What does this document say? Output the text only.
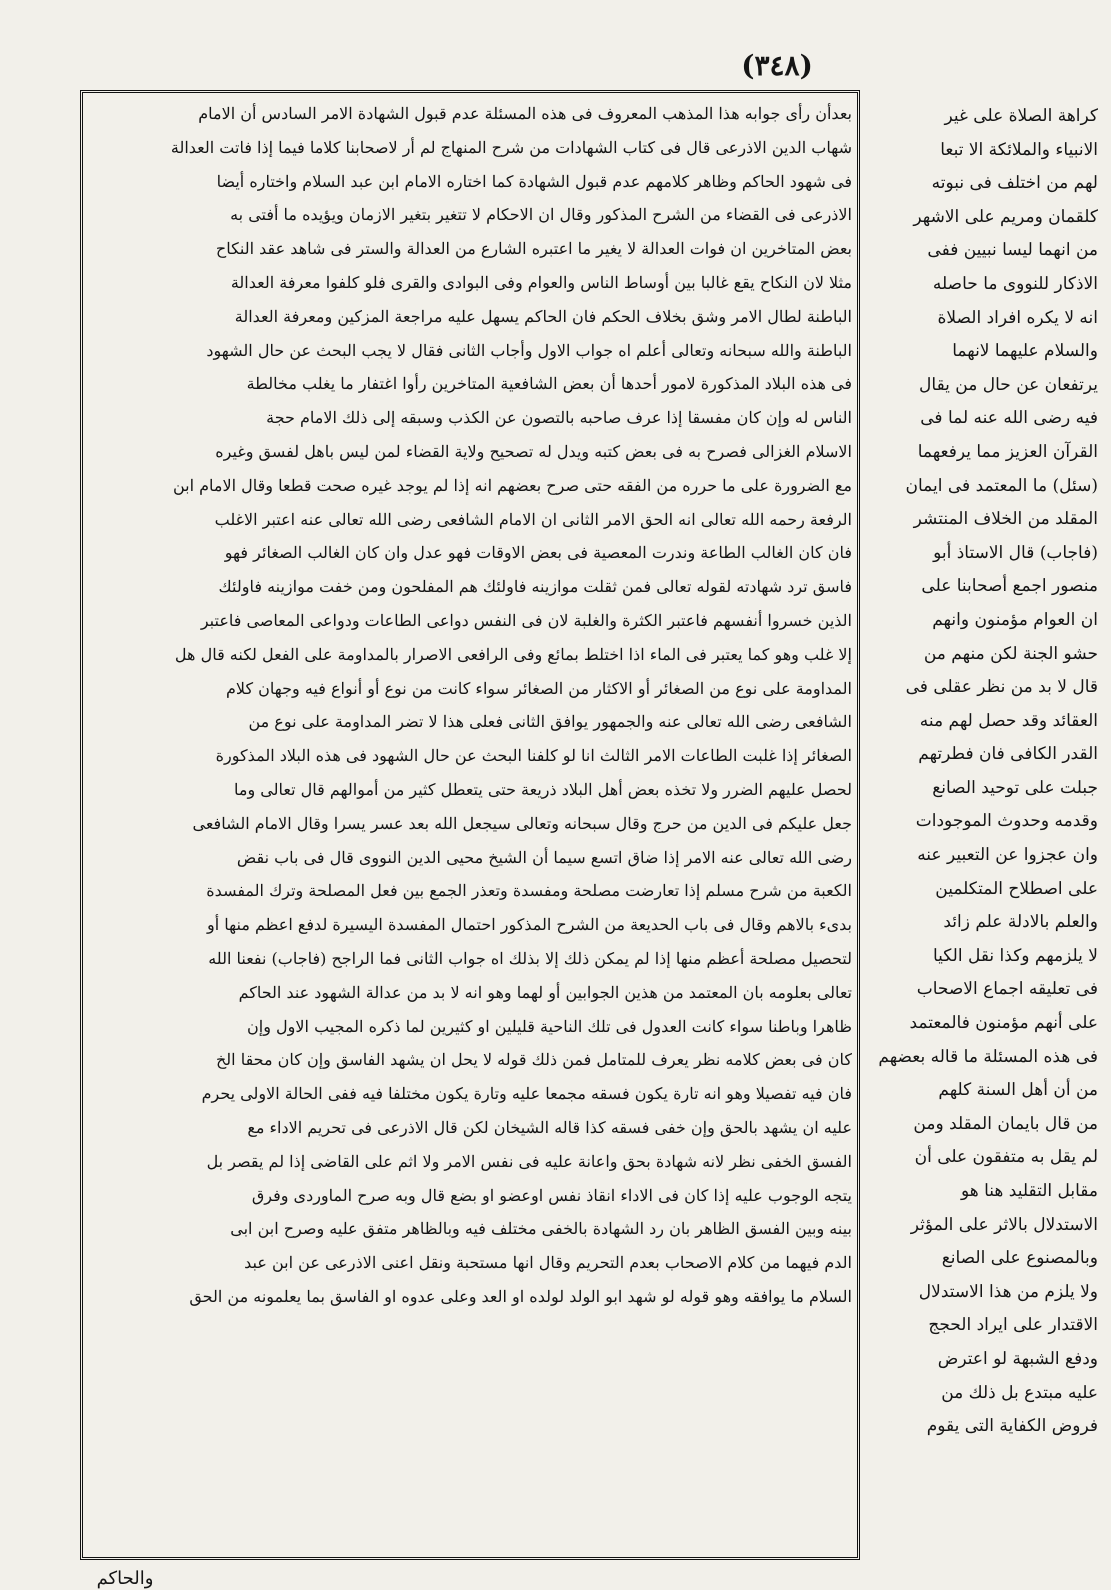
(٣٤٨)
بعدأن رأى جوابه هذا المذهب المعروف فى هذه المسئلة عدم قبول الشهادة الامر السادس أن الامام
شهاب الدين الاذرعى قال فى كتاب الشهادات من شرح المنهاج لم أر لاصحابنا كلاما فيما إذا فاتت العدالة
فى شهود الحاكم وظاهر كلامهم عدم قبول الشهادة كما اختاره الامام ابن عبد السلام واختاره أيضا
الاذرعى فى القضاء من الشرح المذكور وقال ان الاحكام لا تتغير بتغير الازمان ويؤيده ما أفتى به
بعض المتاخرين ان فوات العدالة لا يغير ما اعتبره الشارع من العدالة والستر فى شاهد عقد النكاح
مثلا لان النكاح يقع غالبا بين أوساط الناس والعوام وفى البوادى والقرى فلو كلفوا معرفة العدالة
الباطنة لطال الامر وشق بخلاف الحكم فان الحاكم يسهل عليه مراجعة المزكين ومعرفة العدالة
الباطنة والله سبحانه وتعالى أعلم اه جواب الاول وأجاب الثانى فقال لا يجب البحث عن حال الشهود
فى هذه البلاد المذكورة لامور أحدها أن بعض الشافعية المتاخرين رأوا اغتفار ما يغلب مخالطة
الناس له وإن كان مفسقا إذا عرف صاحبه بالتصون عن الكذب وسبقه إلى ذلك الامام حجة
الاسلام الغزالى فصرح به فى بعض كتبه ويدل له تصحيح ولاية القضاء لمن ليس باهل لفسق وغيره
مع الضرورة على ما حرره من الفقه حتى صرح بعضهم انه إذا لم يوجد غيره صحت قطعا وقال الامام ابن
الرفعة رحمه الله تعالى انه الحق الامر الثانى ان الامام الشافعى رضى الله تعالى عنه اعتبر الاغلب
فان كان الغالب الطاعة وندرت المعصية فى بعض الاوقات فهو عدل وان كان الغالب الصغائر فهو
فاسق ترد شهادته لقوله تعالى فمن ثقلت موازينه فاولئك هم المفلحون ومن خفت موازينه فاولئك
الذين خسروا أنفسهم فاعتبر الكثرة والغلبة لان فى النفس دواعى الطاعات ودواعى المعاصى فاعتبر
إلا غلب وهو كما يعتبر فى الماء اذا اختلط بمائع وفى الرافعى الاصرار بالمداومة على الفعل لكنه قال هل
المداومة على نوع من الصغائر أو الاكثار من الصغائر سواء كانت من نوع أو أنواع فيه وجهان كلام
الشافعى رضى الله تعالى عنه والجمهور يوافق الثانى فعلى هذا لا تضر المداومة على نوع من
الصغائر إذا غلبت الطاعات الامر الثالث انا لو كلفنا البحث عن حال الشهود فى هذه البلاد المذكورة
لحصل عليهم الضرر ولا تخذه بعض أهل البلاد ذريعة حتى يتعطل كثير من أموالهم قال تعالى وما
جعل عليكم فى الدين من حرج وقال سبحانه وتعالى سيجعل الله بعد عسر يسرا وقال الامام الشافعى
رضى الله تعالى عنه الامر إذا ضاق اتسع سيما أن الشيخ محيى الدين النووى قال فى باب نقض
الكعبة من شرح مسلم إذا تعارضت مصلحة ومفسدة وتعذر الجمع بين فعل المصلحة وترك المفسدة
بدىء بالاهم وقال فى باب الحديعة من الشرح المذكور احتمال المفسدة اليسيرة لدفع اعظم منها أو
لتحصيل مصلحة أعظم منها إذا لم يمكن ذلك إلا بذلك اه جواب الثانى فما الراجح (فاجاب) نفعنا الله
تعالى بعلومه بان المعتمد من هذين الجوابين أو لهما وهو انه لا بد من عدالة الشهود عند الحاكم
ظاهرا وباطنا سواء كانت العدول فى تلك الناحية قليلين او كثيرين لما ذكره المجيب الاول وإن
كان فى بعض كلامه نظر يعرف للمتامل فمن ذلك قوله لا يحل ان يشهد الفاسق وإن كان محقا الخ
فان فيه تفصيلا وهو انه تارة يكون فسقه مجمعا عليه وتارة يكون مختلفا فيه ففى الحالة الاولى يحرم
عليه ان يشهد بالحق وإن خفى فسقه كذا قاله الشيخان لكن قال الاذرعى فى تحريم الاداء مع
الفسق الخفى نظر لانه شهادة بحق واعانة عليه فى نفس الامر ولا اثم على القاضى إذا لم يقصر بل
يتجه الوجوب عليه إذا كان فى الاداء انقاذ نفس اوعضو او بضع قال وبه صرح الماوردى وفرق
بينه وبين الفسق الظاهر بان رد الشهادة بالخفى مختلف فيه وبالظاهر متفق عليه وصرح ابن ابى
الدم فيهما من كلام الاصحاب بعدم التحريم وقال انها مستحبة ونقل اعنى الاذرعى عن ابن عبد
السلام ما يوافقه وهو قوله لو شهد ابو الولد لولده او العد وعلى عدوه او الفاسق بما يعلمونه من الحق
كراهة الصلاة على غير
الانبياء والملائكة الا تبعا
لهم من اختلف فى نبوته
كلقمان ومريم على الاشهر
من انهما ليسا نبيين ففى
الاذكار للنووى ما حاصله
انه لا يكره افراد الصلاة
والسلام عليهما لانهما
يرتفعان عن حال من يقال
فيه رضى الله عنه لما فى
القرآن العزيز مما يرفعهما
(سئل) ما المعتمد فى ايمان
المقلد من الخلاف المنتشر
(فاجاب) قال الاستاذ أبو
منصور اجمع أصحابنا على
ان العوام مؤمنون وانهم
حشو الجنة لكن منهم من
قال لا بد من نظر عقلى فى
العقائد وقد حصل لهم منه
القدر الكافى فان فطرتهم
جبلت على توحيد الصانع
وقدمه وحدوث الموجودات
وان عجزوا عن التعبير عنه
على اصطلاح المتكلمين
والعلم بالادلة علم زائد
لا يلزمهم وكذا نقل الكيا
فى تعليقه اجماع الاصحاب
على أنهم مؤمنون فالمعتمد
فى هذه المسئلة ما قاله بعضهم
من أن أهل السنة كلهم
من قال بايمان المقلد ومن
لم يقل به متفقون على أن
مقابل التقليد هنا هو
الاستدلال بالاثر على المؤثر
وبالمصنوع على الصانع
ولا يلزم من هذا الاستدلال
الاقتدار على ايراد الحجج
ودفع الشبهة لو اعترض
عليه مبتدع بل ذلك من
فروض الكفاية التى يقوم
والحاكم
